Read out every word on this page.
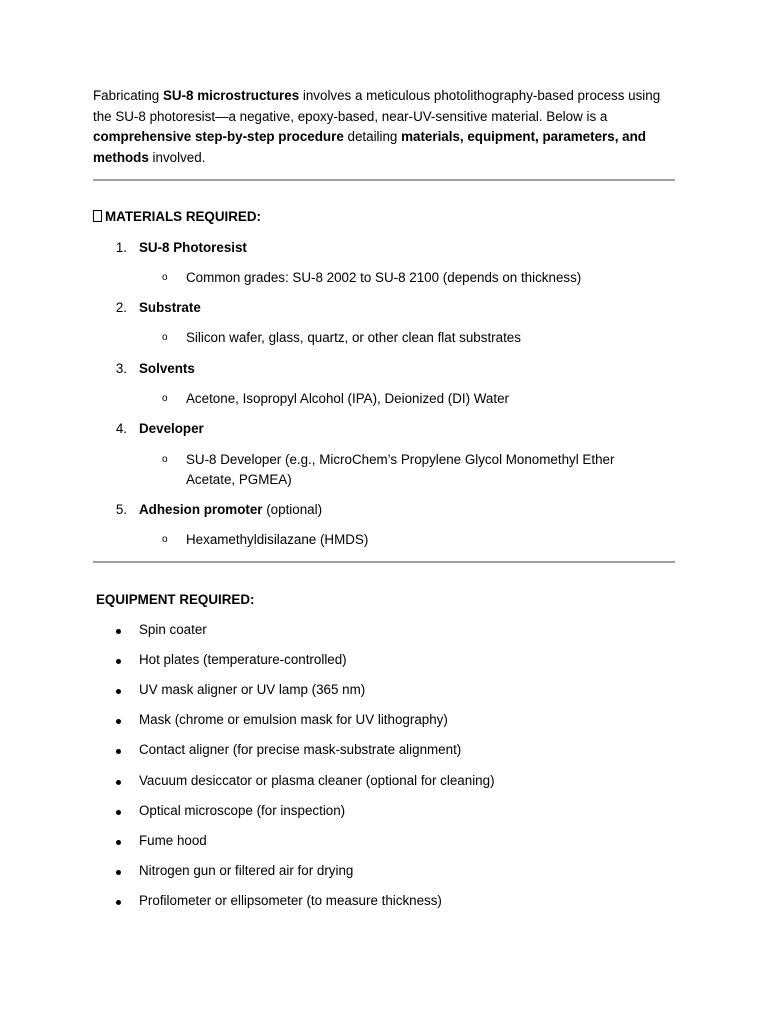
Fabricating SU-8 microstructures involves a meticulous photolithography-based process using the SU-8 photoresist—a negative, epoxy-based, near-UV-sensitive material. Below is a comprehensive step-by-step procedure detailing materials, equipment, parameters, and methods involved.

MATERIALS REQUIRED:

1. SU-8 Photoresist
o Common grades: SU-8 2002 to SU-8 2100 (depends on thickness)
2. Substrate
o Silicon wafer, glass, quartz, or other clean flat substrates
3. Solvents
o Acetone, Isopropyl Alcohol (IPA), Deionized (DI) Water
4. Developer
o SU-8 Developer (e.g., MicroChem’s Propylene Glycol Monomethyl Ether Acetate, PGMEA)
5. Adhesion promoter (optional)
o Hexamethyldisilazane (HMDS)

EQUIPMENT REQUIRED:

Spin coater
Hot plates (temperature-controlled)
UV mask aligner or UV lamp (365 nm)
Mask (chrome or emulsion mask for UV lithography)
Contact aligner (for precise mask-substrate alignment)
Vacuum desiccator or plasma cleaner (optional for cleaning)
Optical microscope (for inspection)
Fume hood
Nitrogen gun or filtered air for drying
Profilometer or ellipsometer (to measure thickness)
